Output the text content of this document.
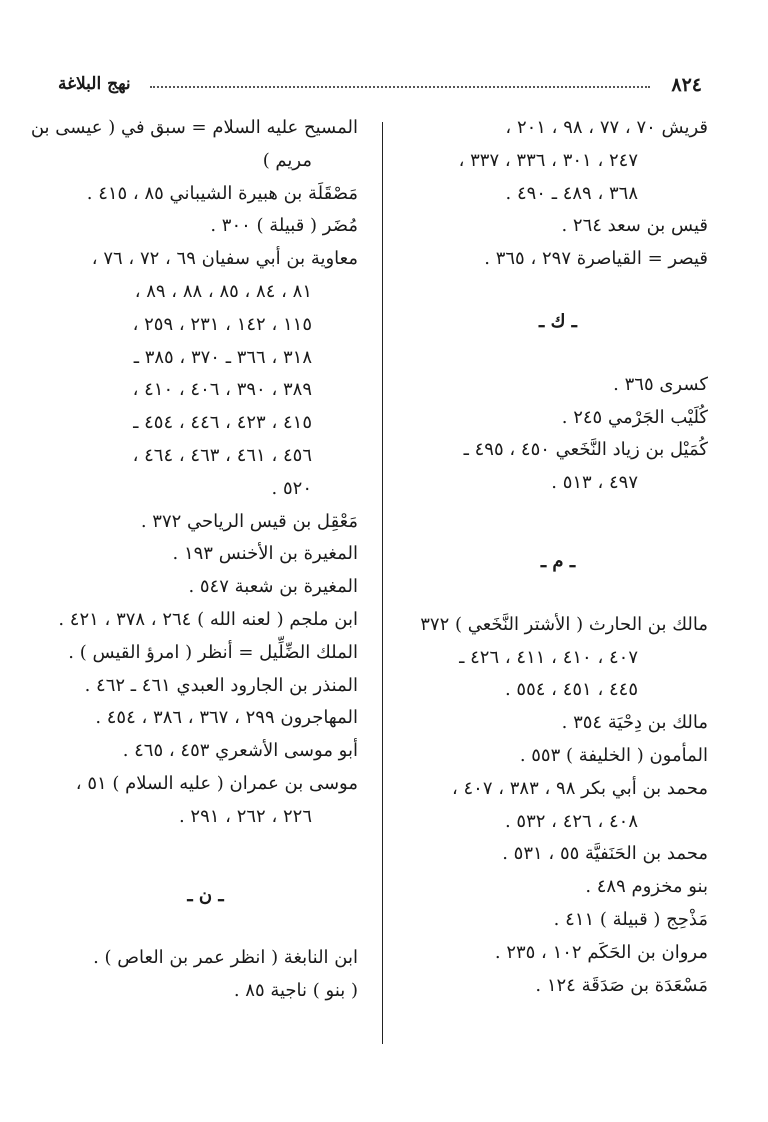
٨٢٤
نهج البلاغة

قريش ٧٠ ، ٧٧ ، ٩٨ ، ٢٠١ ،

٢٤٧ ، ٣٠١ ، ٣٣٦ ، ٣٣٧ ،

٣٦٨ ، ٤٨٩ ـ ٤٩٠ .

قيس بن سعد ٢٦٤ .

قيصر = القياصرة ٢٩٧ ، ٣٦٥ .

ـ ك ـ

كسرى ٣٦٥ .

كُلَيْب الجَرْمي ٢٤٥ .

كُمَيْل بن زياد النَّخَعي ٤٥٠ ، ٤٩٥ ـ

٤٩٧ ، ٥١٣ .

ـ م ـ

مالك بن الحارث ( الأشتر النَّخَعي ) ٣٧٢

٤٠٧ ، ٤١٠ ، ٤١١ ، ٤٢٦ ـ

٤٤٥ ، ٤٥١ ، ٥٥٤ .

مالك بن دِحْيَة ٣٥٤ .

المأمون ( الخليفة ) ٥٥٣ .

محمد بن أبي بكر ٩٨ ، ٣٨٣ ، ٤٠٧ ،

٤٠٨ ، ٤٢٦ ، ٥٣٢ .

محمد بن الحَنَفيَّة ٥٥ ، ٥٣١ .

بنو مخزوم ٤٨٩ .

مَذْحِج ( قبيلة ) ٤١١ .

مروان بن الحَكَم ١٠٢ ، ٢٣٥ .

مَسْعَدَة بن صَدَقَة ١٢٤ .

المسيح عليه السلام = سبق في ( عيسى بن

مريم )

مَصْقَلَة بن هبيرة الشيباني ٨٥ ، ٤١٥ .

مُضَر ( قبيلة ) ٣٠٠ .

معاوية بن أبي سفيان ٦٩ ، ٧٢ ، ٧٦ ،

٨١ ، ٨٤ ، ٨٥ ، ٨٨ ، ٨٩ ،

١١٥ ، ١٤٢ ، ٢٣١ ، ٢٥٩ ،

٣١٨ ، ٣٦٦ ـ ٣٧٠ ، ٣٨٥ ـ

٣٨٩ ، ٣٩٠ ، ٤٠٦ ، ٤١٠ ،

٤١٥ ، ٤٢٣ ، ٤٤٦ ، ٤٥٤ ـ

٤٥٦ ، ٤٦١ ، ٤٦٣ ، ٤٦٤ ،

٥٢٠ .

مَعْقِل بن قيس الرياحي ٣٧٢ .

المغيرة بن الأخنس ١٩٣ .

المغيرة بن شعبة ٥٤٧ .

ابن ملجم ( لعنه الله ) ٢٦٤ ، ٣٧٨ ، ٤٢١ .

الملك الضِّلِّيل = أنظر ( امرؤ القيس ) .

المنذر بن الجارود العبدي ٤٦١ ـ ٤٦٢ .

المهاجرون ٢٩٩ ، ٣٦٧ ، ٣٨٦ ، ٤٥٤ .

أبو موسى الأشعري ٤٥٣ ، ٤٦٥ .

موسى بن عمران ( عليه السلام ) ٥١ ،

٢٢٦ ، ٢٦٢ ، ٢٩١ .

ـ ن ـ

ابن النابغة ( انظر عمر بن العاص ) .

( بنو ) ناجية ٨٥ .
